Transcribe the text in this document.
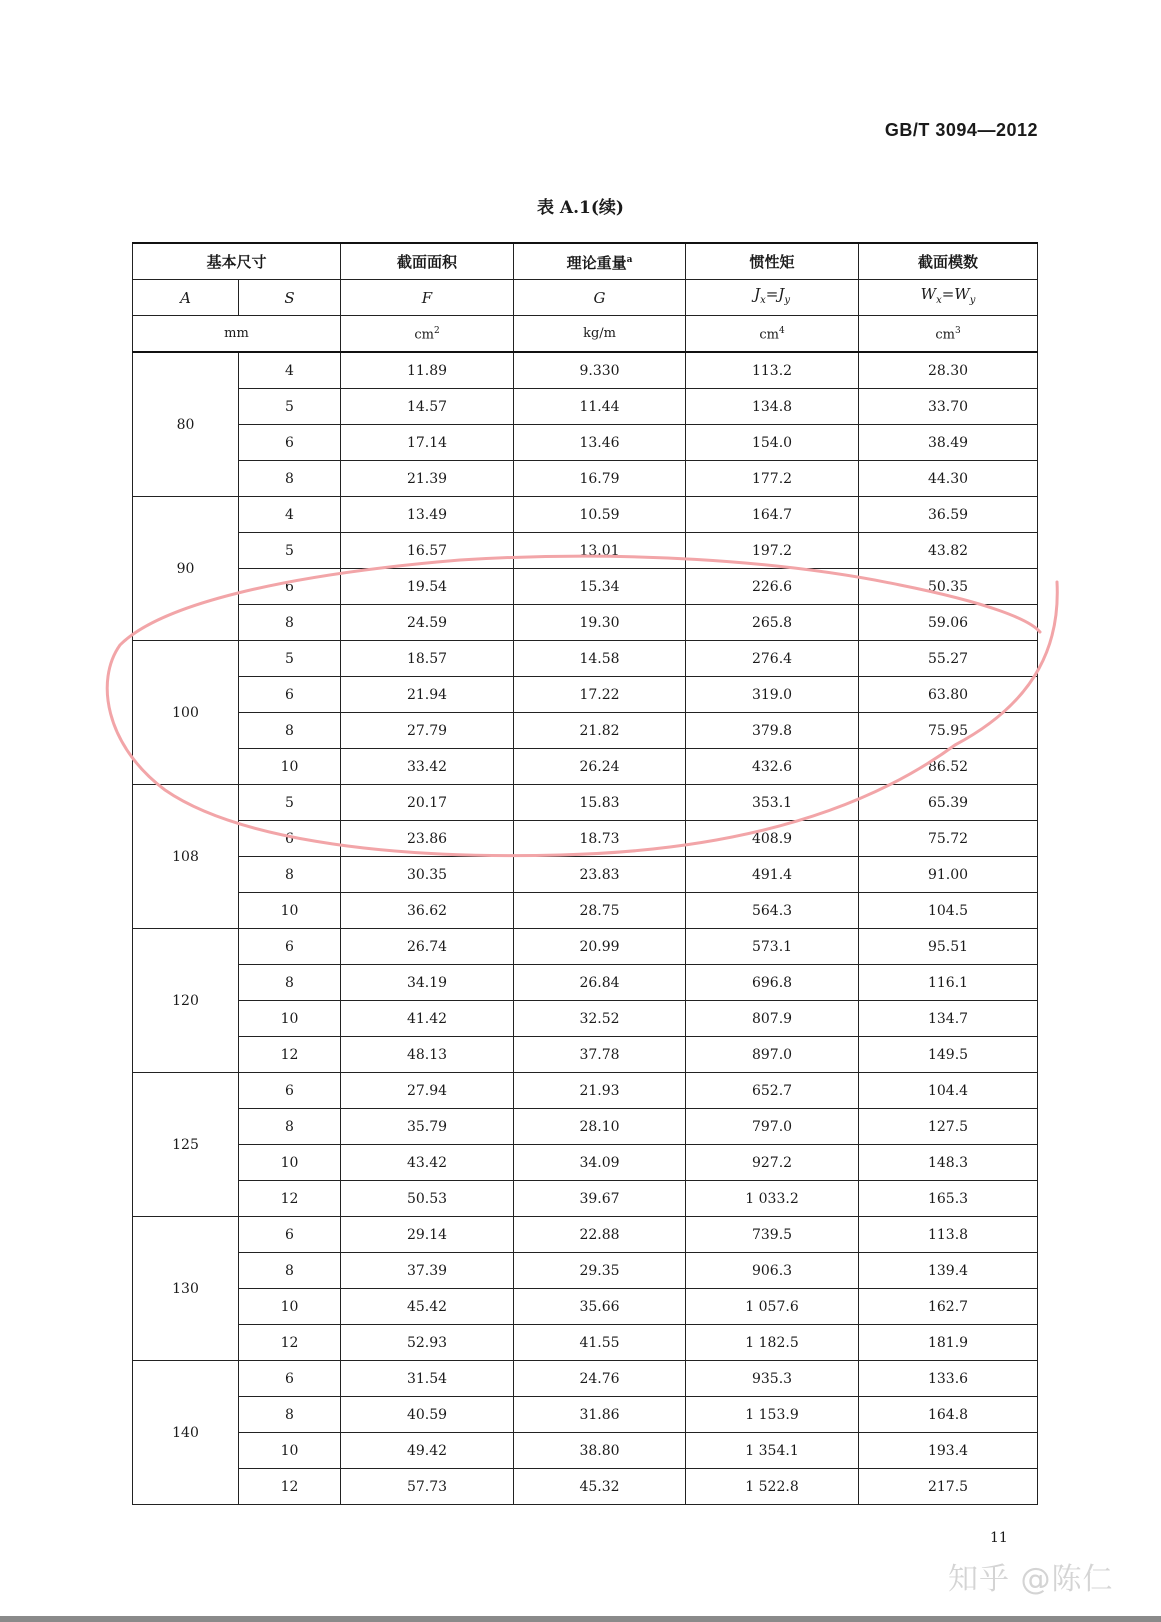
GB/T 3094—2012
表 A.1(续)
基本尺寸		截面面积	理论重量$^a$	惯性矩	截面模数
A	S	F	G	$J_x=J_y$	$W_x=W_y$
mm		$cm^2$	kg/m	$cm^4$	$cm^3$
80	4	11.89	9.330	113.2	28.30
	5	14.57	11.44	134.8	33.70
	6	17.14	13.46	154.0	38.49
	8	21.39	16.79	177.2	44.30
90	4	13.49	10.59	164.7	36.59
	5	16.57	13.01	197.2	43.82
	6	19.54	15.34	226.6	50.35
	8	24.59	19.30	265.8	59.06
100	5	18.57	14.58	276.4	55.27
	6	21.94	17.22	319.0	63.80
	8	27.79	21.82	379.8	75.95
	10	33.42	26.24	432.6	86.52
108	5	20.17	15.83	353.1	65.39
	6	23.86	18.73	408.9	75.72
	8	30.35	23.83	491.4	91.00
	10	36.62	28.75	564.3	104.5
120	6	26.74	20.99	573.1	95.51
	8	34.19	26.84	696.8	116.1
	10	41.42	32.52	807.9	134.7
	12	48.13	37.78	897.0	149.5
125	6	27.94	21.93	652.7	104.4
	8	35.79	28.10	797.0	127.5
	10	43.42	34.09	927.2	148.3
	12	50.53	39.67	1 033.2	165.3
130	6	29.14	22.88	739.5	113.8
	8	37.39	29.35	906.3	139.4
	10	45.42	35.66	1 057.6	162.7
	12	52.93	41.55	1 182.5	181.9
140	6	31.54	24.76	935.3	133.6
	8	40.59	31.86	1 153.9	164.8
	10	49.42	38.80	1 354.1	193.4
	12	57.73	45.32	1 522.8	217.5
11
知乎 @陈仁
